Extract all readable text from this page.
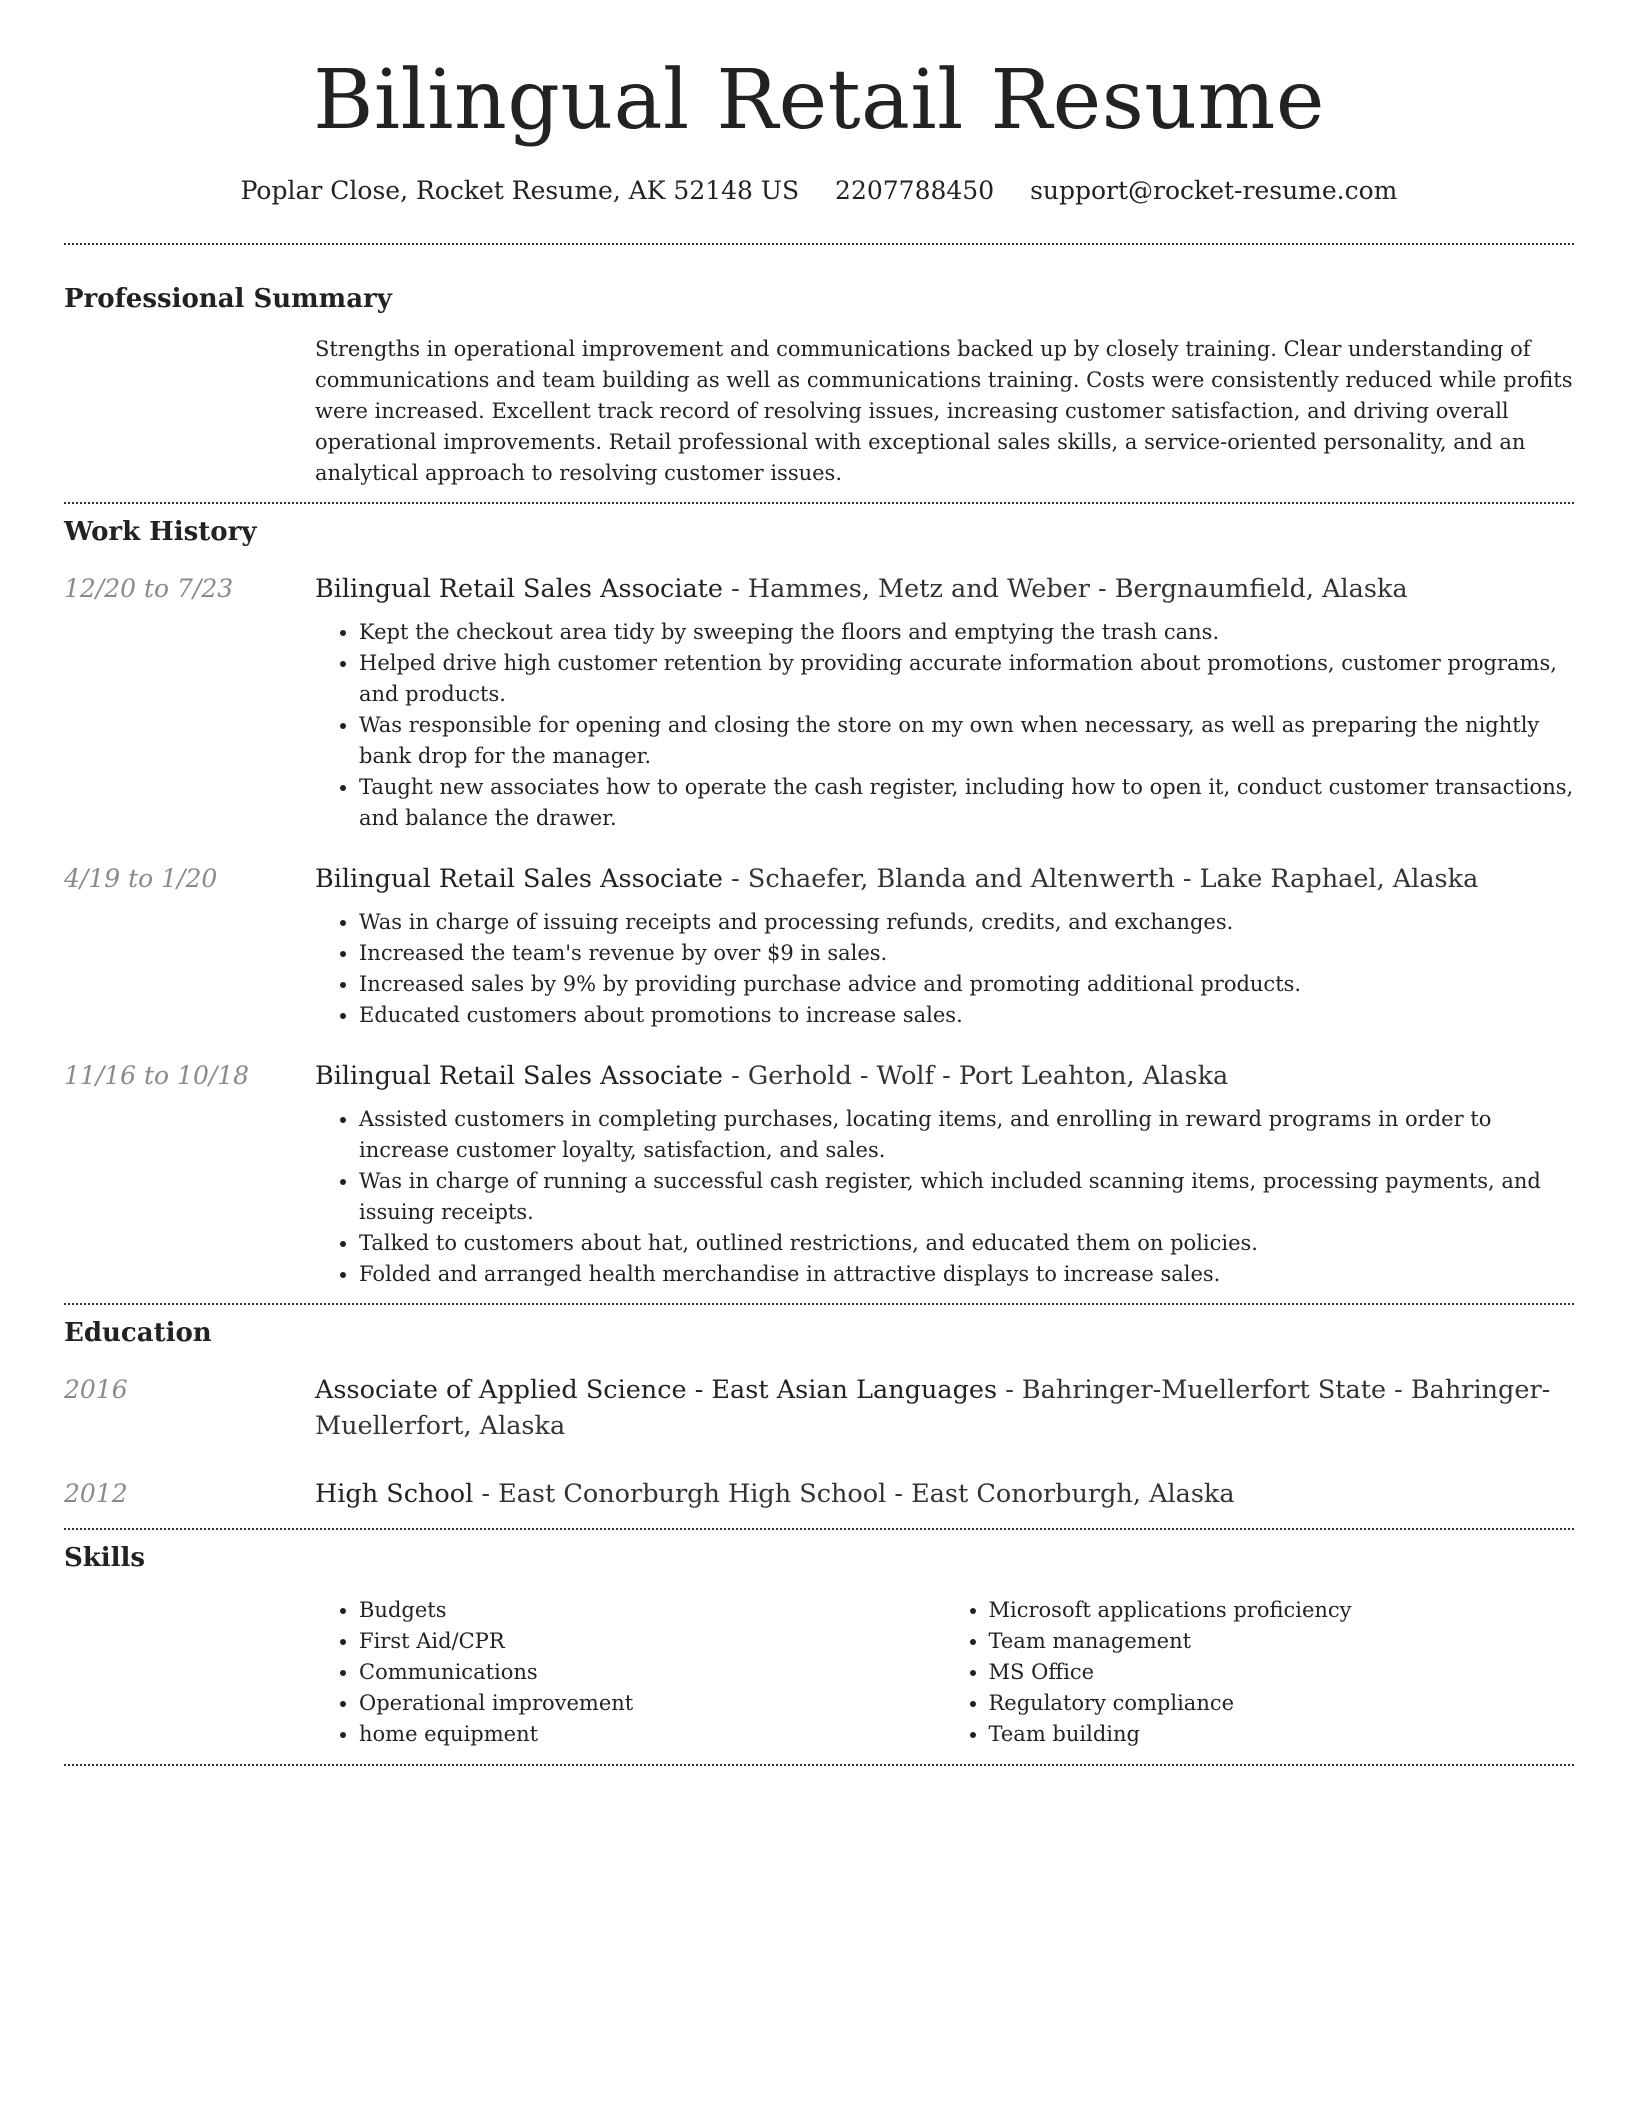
Bilingual Retail Resume
Poplar Close, Rocket Resume, AK 52148 US 2207788450 support@rocket-resume.com
Professional Summary

Strengths in operational improvement and communications backed up by closely training. Clear understanding of communications and team building as well as communications training. Costs were consistently reduced while profits were increased. Excellent track record of resolving issues, increasing customer satisfaction, and driving overall operational improvements. Retail professional with exceptional sales skills, a service-oriented personality, and an analytical approach to resolving customer issues.

Work History
12/20 to 7/23	Bilingual Retail Sales Associate - Hammes, Metz and Weber - Bergnaumfield, Alaska

• Kept the checkout area tidy by sweeping the floors and emptying the trash cans.
• Helped drive high customer retention by providing accurate information about promotions, customer programs, and products.
• Was responsible for opening and closing the store on my own when necessary, as well as preparing the nightly bank drop for the manager.
• Taught new associates how to operate the cash register, including how to open it, conduct customer transactions, and balance the drawer.
4/19 to 1/20	Bilingual Retail Sales Associate - Schaefer, Blanda and Altenwerth - Lake Raphael, Alaska

• Was in charge of issuing receipts and processing refunds, credits, and exchanges.
• Increased the team's revenue by over $9 in sales.
• Increased sales by 9% by providing purchase advice and promoting additional products.
• Educated customers about promotions to increase sales.
11/16 to 10/18	Bilingual Retail Sales Associate - Gerhold - Wolf - Port Leahton, Alaska

• Assisted customers in completing purchases, locating items, and enrolling in reward programs in order to increase customer loyalty, satisfaction, and sales.
• Was in charge of running a successful cash register, which included scanning items, processing payments, and issuing receipts.
• Talked to customers about hat, outlined restrictions, and educated them on policies.
• Folded and arranged health merchandise in attractive displays to increase sales.
Education
2016	Associate of Applied Science - East Asian Languages - Bahringer-Muellerfort State - Bahringer-Muellerfort, Alaska

2012	High School - East Conorburgh High School - East Conorburgh, Alaska

Skills
• Budgets
• First Aid/CPR
• Communications
• Operational improvement
• home equipment
• Microsoft applications proficiency
• Team management
• MS Office
• Regulatory compliance
• Team building
